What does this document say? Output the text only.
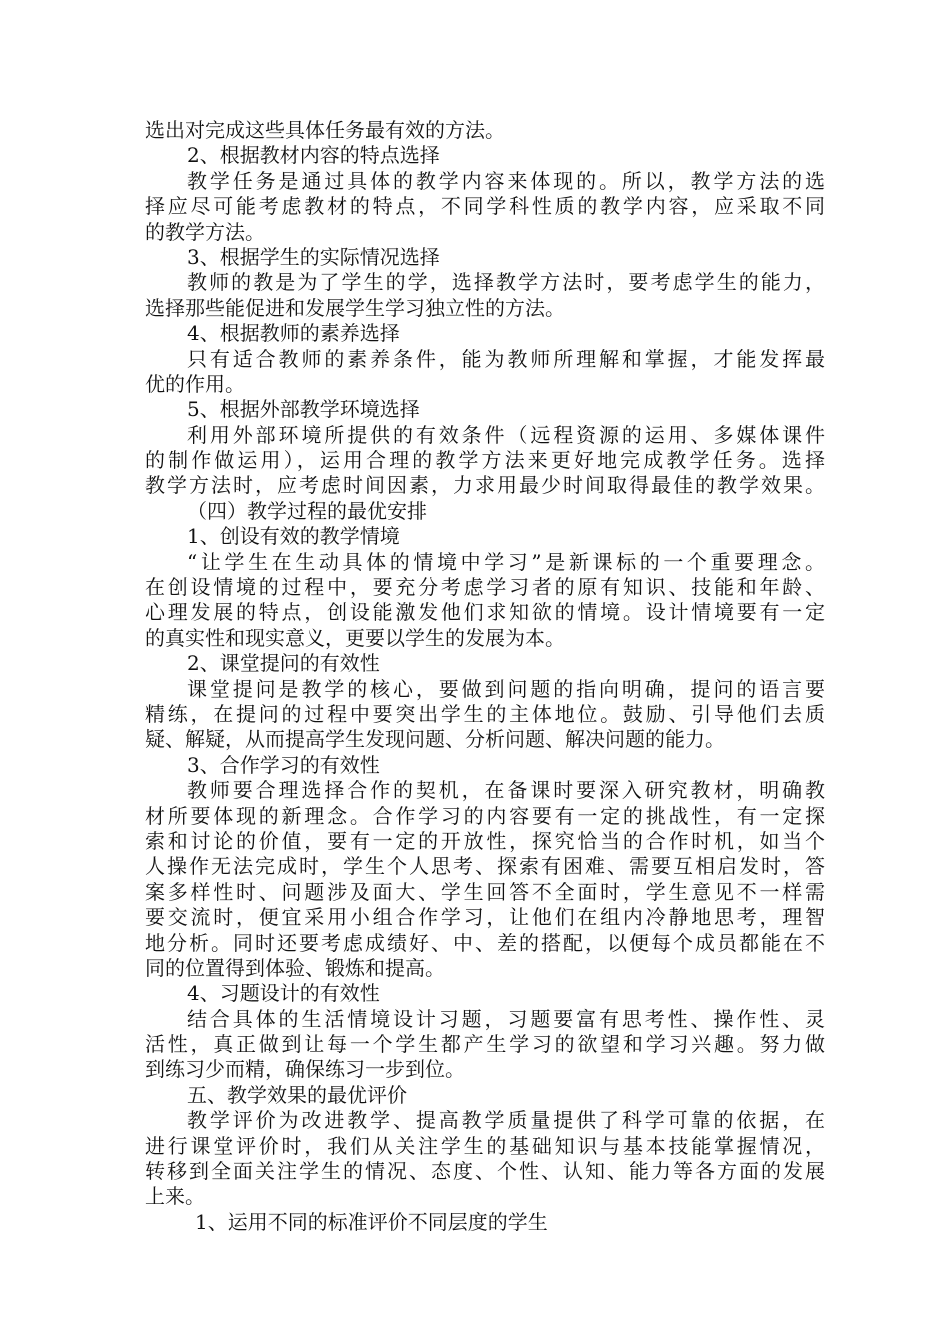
选出对完成这些具体任务最有效的方法。
2、根据教材内容的特点选择
教学任务是通过具体的教学内容来体现的。所以，教学方法的选
择应尽可能考虑教材的特点，不同学科性质的教学内容，应采取不同
的教学方法。
3、根据学生的实际情况选择
教师的教是为了学生的学，选择教学方法时，要考虑学生的能力，
选择那些能促进和发展学生学习独立性的方法。
4、根据教师的素养选择
只有适合教师的素养条件，能为教师所理解和掌握，才能发挥最
优的作用。
5、根据外部教学环境选择
利用外部环境所提供的有效条件（远程资源的运用、多媒体课件
的制作做运用），运用合理的教学方法来更好地完成教学任务。选择
教学方法时，应考虑时间因素，力求用最少时间取得最佳的教学效果。
（四）教学过程的最优安排
1、创设有效的教学情境
“让学生在生动具体的情境中学习”是新课标的一个重要理念。
在创设情境的过程中，要充分考虑学习者的原有知识、技能和年龄、
心理发展的特点，创设能激发他们求知欲的情境。设计情境要有一定
的真实性和现实意义，更要以学生的发展为本。
2、课堂提问的有效性
课堂提问是教学的核心，要做到问题的指向明确，提问的语言要
精练，在提问的过程中要突出学生的主体地位。鼓励、引导他们去质
疑、解疑，从而提高学生发现问题、分析问题、解决问题的能力。
3、合作学习的有效性
教师要合理选择合作的契机，在备课时要深入研究教材，明确教
材所要体现的新理念。合作学习的内容要有一定的挑战性，有一定探
索和讨论的价值，要有一定的开放性，探究恰当的合作时机，如当个
人操作无法完成时，学生个人思考、探索有困难、需要互相启发时，答
案多样性时、问题涉及面大、学生回答不全面时，学生意见不一样需
要交流时，便宜采用小组合作学习，让他们在组内冷静地思考，理智
地分析。同时还要考虑成绩好、中、差的搭配，以便每个成员都能在不
同的位置得到体验、锻炼和提高。
4、习题设计的有效性
结合具体的生活情境设计习题，习题要富有思考性、操作性、灵
活性，真正做到让每一个学生都产生学习的欲望和学习兴趣。努力做
到练习少而精，确保练习一步到位。
五、教学效果的最优评价
教学评价为改进教学、提高教学质量提供了科学可靠的依据，在
进行课堂评价时，我们从关注学生的基础知识与基本技能掌握情况，
转移到全面关注学生的情况、态度、个性、认知、能力等各方面的发展
上来。
1、运用不同的标准评价不同层度的学生
